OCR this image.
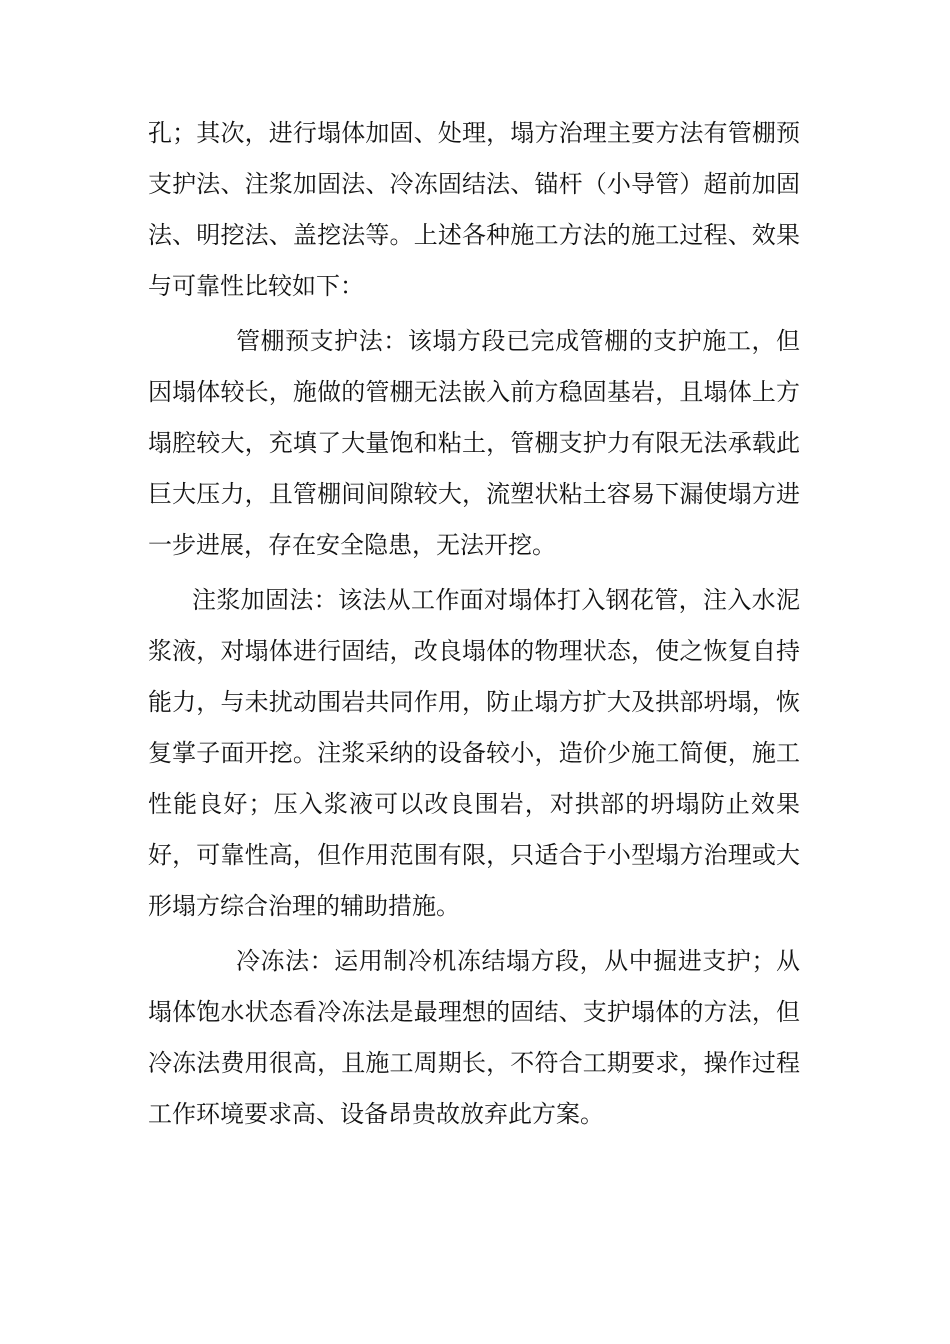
孔；其次，进行塌体加固、处理，塌方治理主要方法有管棚预支护法、注浆加固法、冷冻固结法、锚杆（小导管）超前加固法、明挖法、盖挖法等。上述各种施工方法的施工过程、效果与可靠性比较如下：

管棚预支护法：该塌方段已完成管棚的支护施工，但因塌体较长，施做的管棚无法嵌入前方稳固基岩，且塌体上方塌腔较大，充填了大量饱和粘土，管棚支护力有限无法承载此巨大压力，且管棚间间隙较大，流塑状粘土容易下漏使塌方进一步进展，存在安全隐患，无法开挖。

注浆加固法：该法从工作面对塌体打入钢花管，注入水泥浆液，对塌体进行固结，改良塌体的物理状态，使之恢复自持能力，与未扰动围岩共同作用，防止塌方扩大及拱部坍塌，恢复掌子面开挖。注浆采纳的设备较小，造价少施工简便，施工性能良好；压入浆液可以改良围岩，对拱部的坍塌防止效果好，可靠性高，但作用范围有限，只适合于小型塌方治理或大形塌方综合治理的辅助措施。

冷冻法：运用制冷机冻结塌方段，从中掘进支护；从塌体饱水状态看冷冻法是最理想的固结、支护塌体的方法，但冷冻法费用很高，且施工周期长，不符合工期要求，操作过程工作环境要求高、设备昂贵故放弃此方案。
